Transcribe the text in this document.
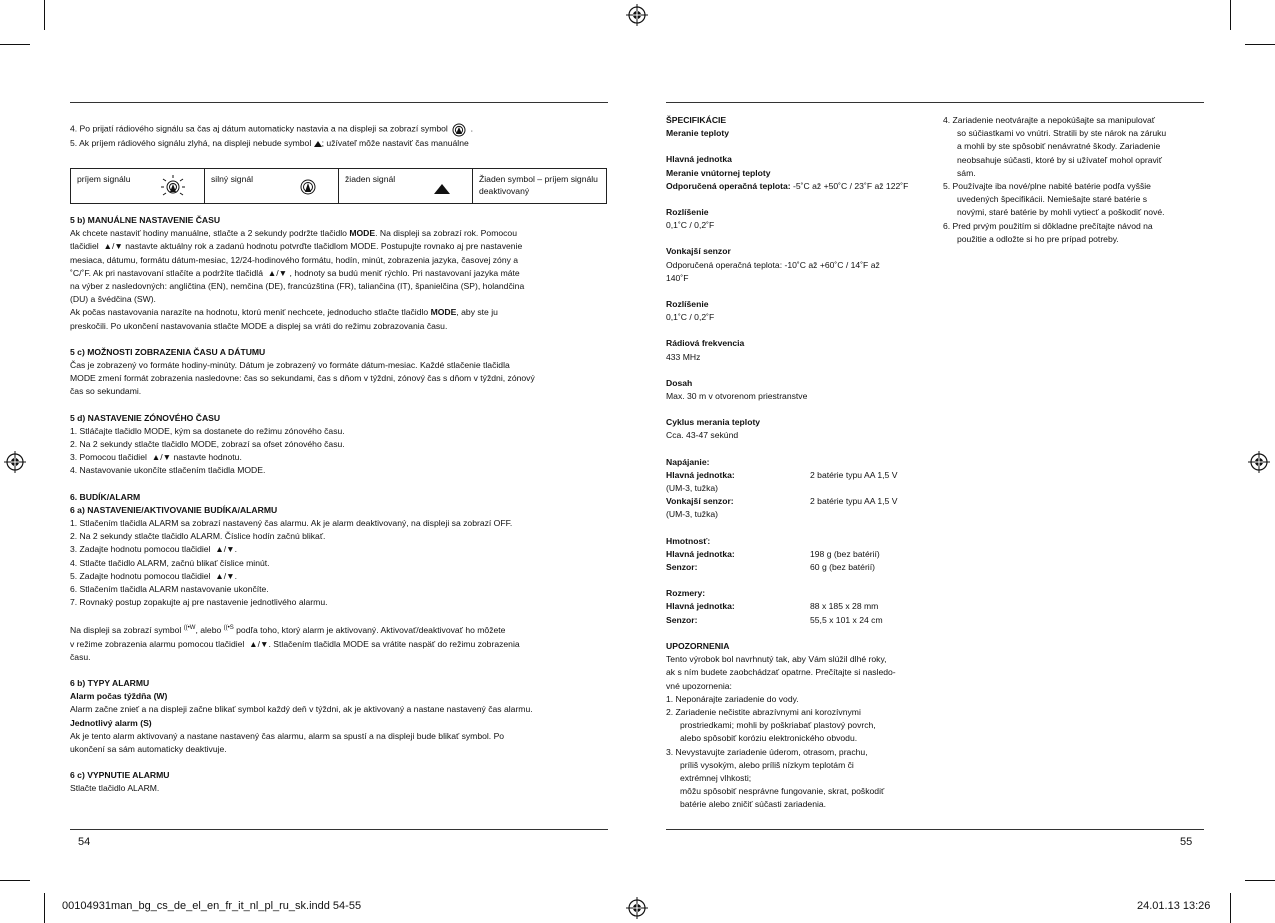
4. Po prijatí rádiového signálu sa čas aj dátum automaticky nastavia a na displeji sa zobrazí symbol  .
5. Ak príjem rádiového signálu zlyhá, na displeji nebude symbol ; užívateľ môže nastaviť čas manuálne
príjem signálu	silný signál	žiaden signál	Žiaden symbol – príjem signálu deaktivovaný
5 b) MANUÁLNE NASTAVENIE ČASU
Ak chcete nastaviť hodiny manuálne, stlačte a 2 sekundy podržte tlačidlo MODE. Na displeji sa zobrazí rok. Pomocou
tlačidiel  ▲/▼ nastavte aktuálny rok a zadanú hodnotu potvrďte tlačidlom MODE. Postupujte rovnako aj pre nastavenie
mesiaca, dátumu, formátu dátum-mesiac, 12/24-hodinového formátu, hodín, minút, zobrazenia jazyka, časovej zóny a
˚C/˚F. Ak pri nastavovaní stlačíte a podržíte tlačidlá  ▲/▼ , hodnoty sa budú meniť rýchlo. Pri nastavovaní jazyka máte
na výber z nasledovných: angličtina (EN), nemčina (DE), francúzština (FR), taliančina (IT), španielčina (SP), holandčina
(DU) a švédčina (SW).
Ak počas nastavovania narazíte na hodnotu, ktorú meniť nechcete, jednoducho stlačte tlačidlo MODE, aby ste ju
preskočili. Po ukončení nastavovania stlačte MODE a displej sa vráti do režimu zobrazovania času.
5 c) MOŽNOSTI ZOBRAZENIA ČASU A DÁTUMU
Čas je zobrazený vo formáte hodiny-minúty. Dátum je zobrazený vo formáte dátum-mesiac. Každé stlačenie tlačidla
MODE zmení formát zobrazenia nasledovne: čas so sekundami, čas s dňom v týždni, zónový čas s dňom v týždni, zónový
čas so sekundami.
5 d) NASTAVENIE ZÓNOVÉHO ČASU
1. Stláčajte tlačidlo MODE, kým sa dostanete do režimu zónového času.
2. Na 2 sekundy stlačte tlačidlo MODE, zobrazí sa ofset zónového času.
3. Pomocou tlačidiel  ▲/▼ nastavte hodnotu.
4. Nastavovanie ukončíte stlačením tlačidla MODE.
6. BUDÍK/ALARM
6 a) NASTAVENIE/AKTIVOVANIE BUDÍKA/ALARMU
1. Stlačením tlačidla ALARM sa zobrazí nastavený čas alarmu. Ak je alarm deaktivovaný, na displeji sa zobrazí OFF.
2. Na 2 sekundy stlačte tlačidlo ALARM. Číslice hodín začnú blikať.
3. Zadajte hodnotu pomocou tlačidiel  ▲/▼.
4. Stlačte tlačidlo ALARM, začnú blikať číslice minút.
5. Zadajte hodnotu pomocou tlačidiel  ▲/▼.
6. Stlačením tlačidla ALARM nastavovanie ukončíte.
7. Rovnaký postup zopakujte aj pre nastavenie jednotlivého alarmu.
Na displeji sa zobrazí symbol $^{((•W}$, alebo $^{((•S}$ podľa toho, ktorý alarm je aktivovaný. Aktivovať/deaktivovať ho môžete
v režime zobrazenia alarmu pomocou tlačidiel  ▲/▼. Stlačením tlačidla MODE sa vrátite naspäť do režimu zobrazenia
času.
6 b) TYPY ALARMU
Alarm počas týždňa (W)
Alarm začne znieť a na displeji začne blikať symbol každý deň v týždni, ak je aktivovaný a nastane nastavený čas alarmu.
Jednotlivý alarm (S)
Ak je tento alarm aktivovaný a nastane nastavený čas alarmu, alarm sa spustí a na displeji bude blikať symbol. Po
ukončení sa sám automaticky deaktivuje.
6 c) VYPNUTIE ALARMU
Stlačte tlačidlo ALARM.
54
ŠPECIFIKÁCIE
Meranie teploty
Hlavná jednotka
Meranie vnútornej teploty
Odporučená operačná teplota: -5˚C až +50˚C / 23˚F až 122˚F
Rozlíšenie
0,1˚C / 0,2˚F
Vonkajší senzor
Odporučená operačná teplota: -10˚C až +60˚C / 14˚F až
140˚F
Rozlíšenie
0,1˚C / 0,2˚F
Rádiová frekvencia
433 MHz
Dosah
Max. 30 m v otvorenom priestranstve
Cyklus merania teploty
Cca. 43-47 sekúnd
Napájanie:
Hlavná jednotka:	2 batérie typu AA 1,5 V
(UM-3, tužka)
Vonkajší senzor:	2 batérie typu AA 1,5 V
(UM-3, tužka)
Hmotnosť:
Hlavná jednotka:	198 g (bez batérií)
Senzor:	60 g (bez batérií)
Rozmery:
Hlavná jednotka:	88 x 185 x 28 mm
Senzor:	55,5 x 101 x 24 cm
UPOZORNENIA
Tento výrobok bol navrhnutý tak, aby Vám slúžil dlhé roky,
ak s ním budete zaobchádzať opatrne. Prečítajte si nasledo-
vné upozornenia:
1. Neponárajte zariadenie do vody.
2. Zariadenie nečistite abrazívnymi ani korozívnymi
prostriedkami; mohli by poškriabať plastový povrch,
alebo spôsobiť koróziu elektronického obvodu.
3. Nevystavujte zariadenie úderom, otrasom, prachu,
príliš vysokým, alebo príliš nízkym teplotám či
extrémnej vlhkosti;
môžu spôsobiť nesprávne fungovanie, skrat, poškodiť
batérie alebo zničiť súčasti zariadenia.
4. Zariadenie neotvárajte a nepokúšajte sa manipulovať
so súčiastkami vo vnútri. Stratili by ste nárok na záruku
a mohli by ste spôsobiť nenávratné škody. Zariadenie
neobsahuje súčasti, ktoré by si užívateľ mohol opraviť
sám.
5. Používajte iba nové/plne nabité batérie podľa vyššie
uvedených špecifikácii. Nemiešajte staré batérie s
novými, staré batérie by mohli vytiecť a poškodiť nové.
6. Pred prvým použitím si dôkladne prečítajte návod na
použitie a odložte si ho pre prípad potreby.
55
00104931man_bg_cs_de_el_en_fr_it_nl_pl_ru_sk.indd 54-55	24.01.13 13:26
